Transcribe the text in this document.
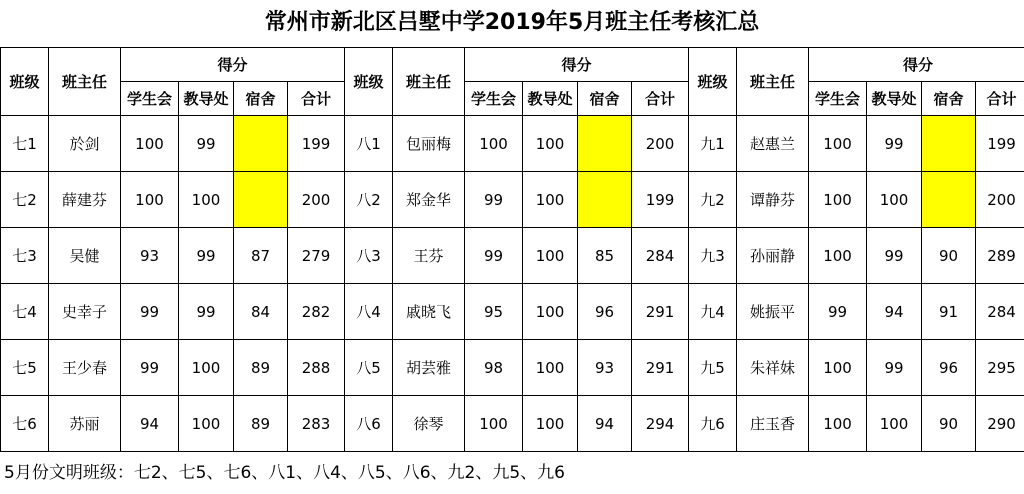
常州市新北区吕墅中学2019年5月班主任考核汇总
班级	班主任	得分				班级	班主任	得分				班级	班主任	得分			
		学生会	教导处	宿舍	合计			学生会	教导处	宿舍	合计			学生会	教导处	宿舍	合计
七1	於剑	100	99		199	八1	包丽梅	100	100		200	九1	赵惠兰	100	99		199
七2	薛建芬	100	100		200	八2	郑金华	99	100		199	九2	谭静芬	100	100		200
七3	吴健	93	99	87	279	八3	王芬	99	100	85	284	九3	孙丽静	100	99	90	289
七4	史幸子	99	99	84	282	八4	戚晓飞	95	100	96	291	九4	姚振平	99	94	91	284
七5	王少春	99	100	89	288	八5	胡芸雅	98	100	93	291	九5	朱祥妹	100	99	96	295
七6	苏丽	94	100	89	283	八6	徐琴	100	100	94	294	九6	庄玉香	100	100	90	290
5月份文明班级：七2、七5、七6、八1、八4、八5、八6、九2、九5、九6
